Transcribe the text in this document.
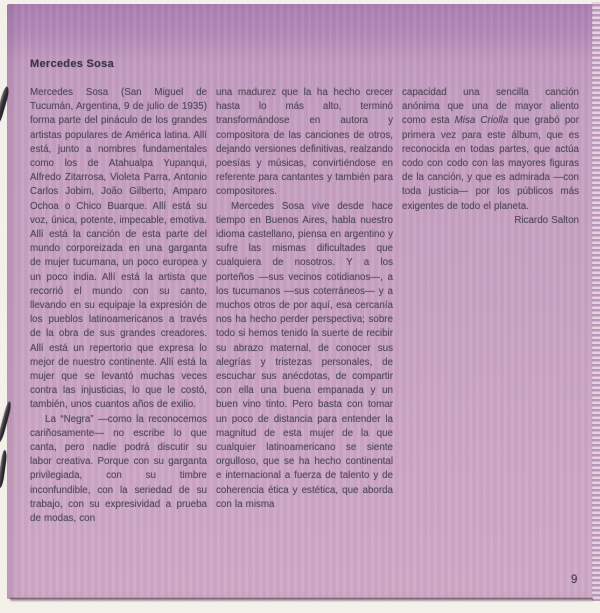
Mercedes Sosa

Mercedes Sosa (San Miguel de Tucumán, Argentina, 9 de julio de 1935) forma parte del pináculo de los grandes artistas populares de América latina. Allí está, junto a nombres fundamentales como los de Atahualpa Yupanqui, Alfredo Zitarrosa, Violeta Parra, Antonio Carlos Jobim, João Gilberto, Amparo Ochoa o Chico Buarque. Allí está su voz, única, potente, impecable, emotiva. Allí está la canción de esta parte del mundo corporeizada en una garganta de mujer tucumana, un poco europea y un poco india. Allí está la artista que recorrió el mundo con su canto, llevando en su equipaje la expresión de los pueblos latinoamericanos a través de la obra de sus grandes creadores. Allí está un repertorio que expresa lo mejor de nuestro continente. Allí está la mujer que se levantó muchas veces contra las injusticias, lo que le costó, también, unos cuantos años de exilio.

La “Negra” —como la reconocemos cariñosamente— no escribe lo que canta, pero nadie podrá discutir su labor creativa. Porque con su garganta privilegiada, con su timbre inconfundible, con la seriedad de su trabajo, con su expresividad a prueba de modas, con

una madurez que la ha hecho crecer hasta lo más alto, terminó transformándose en autora y compositora de las canciones de otros, dejando versiones definitivas, realzando poesías y músicas, convirtiéndose en referente para cantantes y también para compositores.

Mercedes Sosa vive desde hace tiempo en Buenos Aires, habla nuestro idioma castellano, piensa en argentino y sufre las mismas dificultades que cualquiera de nosotros. Y a los porteños —sus vecinos cotidianos—, a los tucumanos —sus coterráneos— y a muchos otros de por aquí, esa cercanía nos ha hecho perder perspectiva; sobre todo si hemos tenido la suerte de recibir su abrazo maternal, de conocer sus alegrías y tristezas personales, de escuchar sus anécdotas, de compartir con ella una buena empanada y un buen vino tinto. Pero basta con tomar un poco de distancia para entender la magnitud de esta mujer de la que cualquier latinoamericano se siente orgulloso, que se ha hecho continental e internacional a fuerza de talento y de coherencia ética y estética, que aborda con la misma

capacidad una sencilla canción anónima que una de mayor aliento como esta Misa Criolla que grabó por primera vez para este álbum, que es reconocida en todas partes, que actúa codo con codo con las mayores figuras de la canción, y que es admirada —con toda justicia— por los públicos más exigentes de todo el planeta.

Ricardo Salton

9
